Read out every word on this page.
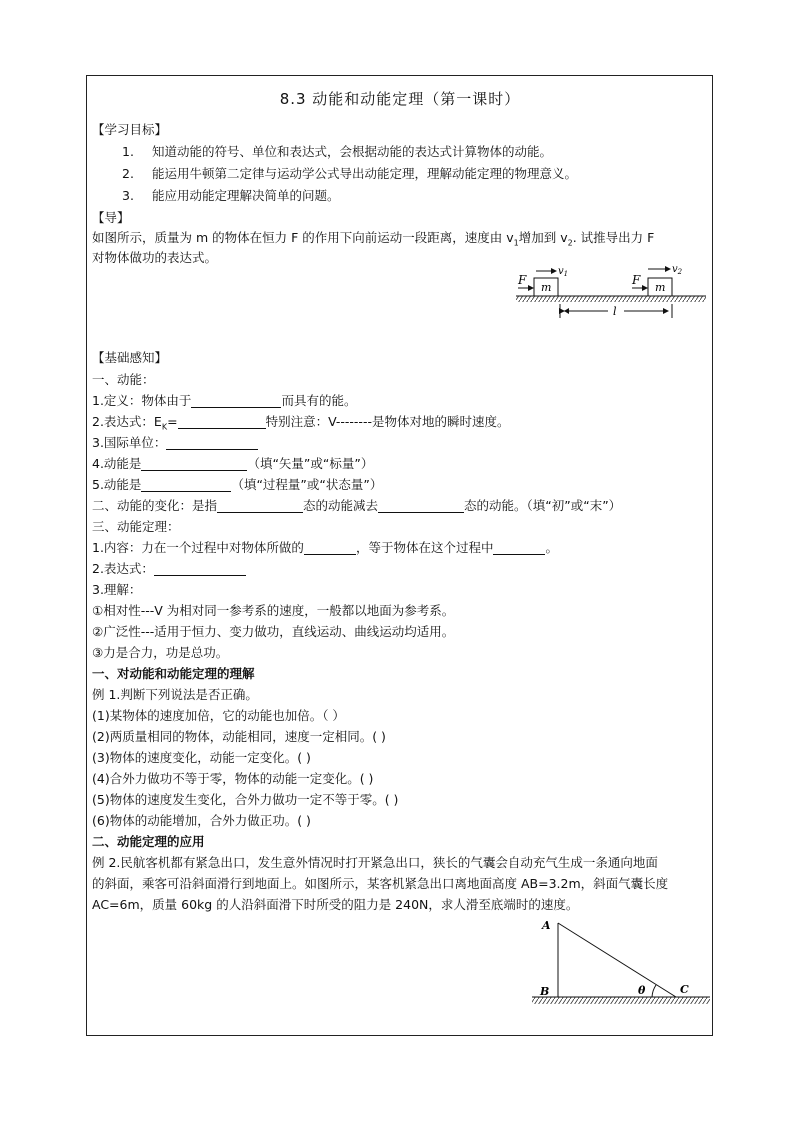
8.3 动能和动能定理（第一课时）
【学习目标】
1. 知道动能的符号、单位和表达式，会根据动能的表达式计算物体的动能。
2. 能运用牛顿第二定律与运动学公式导出动能定理，理解动能定理的物理意义。
3. 能应用动能定理解决简单的问题。
【导】
如图所示，质量为 m 的物体在恒力 F 的作用下向前运动一段距离，速度由 $v_1$增加到 $v_2$. 试推导出力 F
对物体做功的表达式。
【基础感知】
一、动能：
1.定义：物体由于	而具有的能。
2.表达式：$E_K=$	特别注意：V--------是物体对地的瞬时速度。
3.国际单位：
4.动能是	（填“矢量”或“标量”）
5.动能是	（填“过程量”或“状态量”）
二、动能的变化：是指	态的动能减去	态的动能。（填“初”或“末”）
三、动能定理：
1.内容：力在一个过程中对物体所做的	，等于物体在这个过程中	。
2.表达式：
3.理解：
①相对性---V 为相对同一参考系的速度，一般都以地面为参考系。
②广泛性---适用于恒力、变力做功，直线运动、曲线运动均适用。
③力是合力，功是总功。
一、对动能和动能定理的理解
例 1.判断下列说法是否正确。
(1)某物体的速度加倍，它的动能也加倍。（ ）
(2)两质量相同的物体，动能相同，速度一定相同。( )
(3)物体的速度变化，动能一定变化。( )
(4)合外力做功不等于零，物体的动能一定变化。( )
(5)物体的速度发生变化，合外力做功一定不等于零。( )
(6)物体的动能增加，合外力做正功。( )
二、动能定理的应用
例 2.民航客机都有紧急出口，发生意外情况时打开紧急出口，狭长的气囊会自动充气生成一条通向地面
的斜面，乘客可沿斜面滑行到地面上。如图所示，某客机紧急出口离地面高度 AB=3.2m，斜面气囊长度
AC=6m，质量 60kg 的人沿斜面滑下时所受的阻力是 240N，求人滑至底端时的速度。
m
F
$v_1$
m
F
$v_2$
l
A
B	C
θ
